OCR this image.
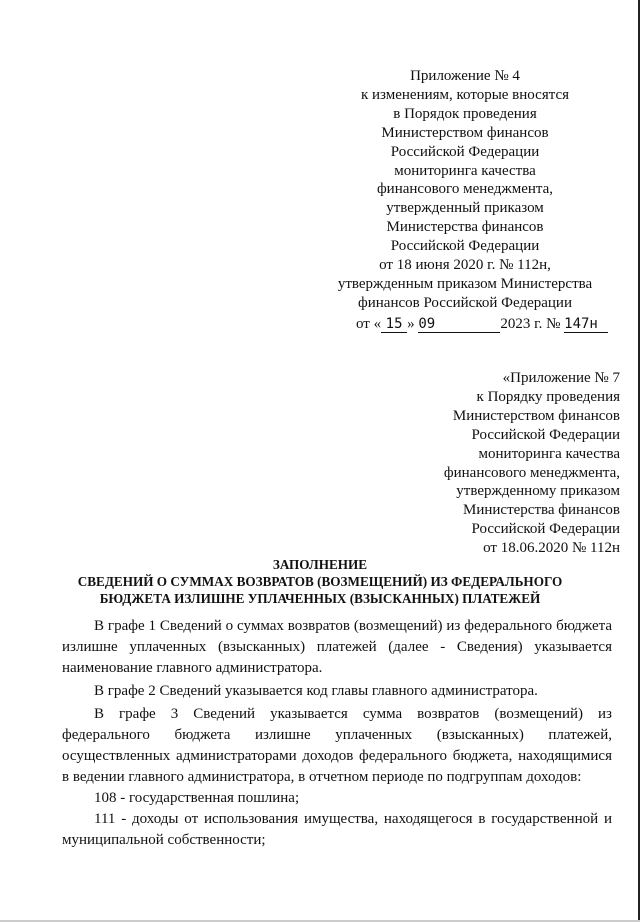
Приложение № 4
к изменениям, которые вносятся
в Порядок проведения
Министерством финансов
Российской Федерации
мониторинга качества
финансового менеджмента,
утвержденный приказом
Министерства финансов
Российской Федерации
от 18 июня 2020 г. № 112н,
утвержденным приказом Министерства
финансов Российской Федерации
от « 15 » 09	2023 г. № 147н
«Приложение № 7
к Порядку проведения
Министерством финансов
Российской Федерации
мониторинга качества
финансового менеджмента,
утвержденному приказом
Министерства финансов
Российской Федерации
от 18.06.2020 № 112н
ЗАПОЛНЕНИЕ
СВЕДЕНИЙ О СУММАХ ВОЗВРАТОВ (ВОЗМЕЩЕНИЙ) ИЗ ФЕДЕРАЛЬНОГО
БЮДЖЕТА ИЗЛИШНЕ УПЛАЧЕННЫХ (ВЗЫСКАННЫХ) ПЛАТЕЖЕЙ

В графе 1 Сведений о суммах возвратов (возмещений) из федерального бюджета излишне уплаченных (взысканных) платежей (далее - Сведения) указывается наименование главного администратора.

В графе 2 Сведений указывается код главы главного администратора.

В графе 3 Сведений указывается сумма возвратов (возмещений) из федерального бюджета излишне уплаченных (взысканных) платежей, осуществленных администраторами доходов федерального бюджета, находящимися в ведении главного администратора, в отчетном периоде по подгруппам доходов:

108 - государственная пошлина;

111 - доходы от использования имущества, находящегося в государственной и муниципальной собственности;
